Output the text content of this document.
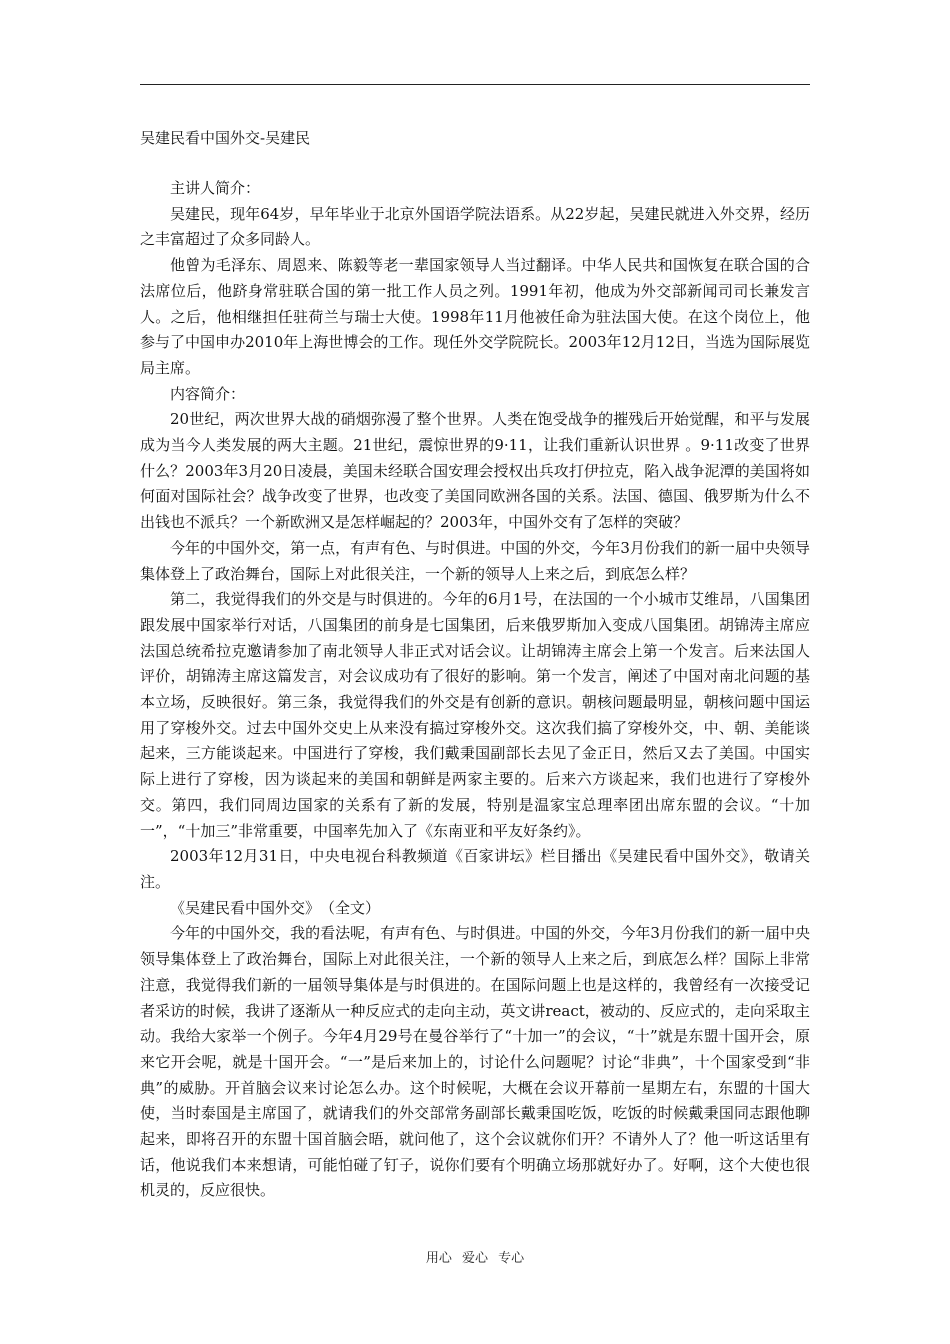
吴建民看中国外交-吴建民

主讲人简介：

吴建民，现年64岁，早年毕业于北京外国语学院法语系。从22岁起，吴建民就进入外交界，经历之丰富超过了众多同龄人。

他曾为毛泽东、周恩来、陈毅等老一辈国家领导人当过翻译。中华人民共和国恢复在联合国的合法席位后，他跻身常驻联合国的第一批工作人员之列。1991年初，他成为外交部新闻司司长兼发言人。之后，他相继担任驻荷兰与瑞士大使。1998年11月他被任命为驻法国大使。在这个岗位上，他参与了中国申办2010年上海世博会的工作。现任外交学院院长。2003年12月12日，当选为国际展览局主席。

内容简介：

20世纪，两次世界大战的硝烟弥漫了整个世界。人类在饱受战争的摧残后开始觉醒，和平与发展成为当今人类发展的两大主题。21世纪，震惊世界的9·11，让我们重新认识世界 。9·11改变了世界什么？2003年3月20日凌晨，美国未经联合国安理会授权出兵攻打伊拉克，陷入战争泥潭的美国将如何面对国际社会？战争改变了世界，也改变了美国同欧洲各国的关系。法国、德国、俄罗斯为什么不出钱也不派兵？一个新欧洲又是怎样崛起的？2003年，中国外交有了怎样的突破？

今年的中国外交，第一点，有声有色、与时俱进。中国的外交，今年3月份我们的新一届中央领导集体登上了政治舞台，国际上对此很关注，一个新的领导人上来之后，到底怎么样？

第二，我觉得我们的外交是与时俱进的。今年的6月1号，在法国的一个小城市艾维昂，八国集团跟发展中国家举行对话，八国集团的前身是七国集团，后来俄罗斯加入变成八国集团。胡锦涛主席应法国总统希拉克邀请参加了南北领导人非正式对话会议。让胡锦涛主席会上第一个发言。后来法国人评价，胡锦涛主席这篇发言，对会议成功有了很好的影响。第一个发言，阐述了中国对南北问题的基本立场，反映很好。第三条，我觉得我们的外交是有创新的意识。朝核问题最明显，朝核问题中国运用了穿梭外交。过去中国外交史上从来没有搞过穿梭外交。这次我们搞了穿梭外交，中、朝、美能谈起来，三方能谈起来。中国进行了穿梭，我们戴秉国副部长去见了金正日，然后又去了美国。中国实际上进行了穿梭，因为谈起来的美国和朝鲜是两家主要的。后来六方谈起来，我们也进行了穿梭外交。第四，我们同周边国家的关系有了新的发展，特别是温家宝总理率团出席东盟的会议。“十加一”，“十加三”非常重要，中国率先加入了《东南亚和平友好条约》。

2003年12月31日，中央电视台科教频道《百家讲坛》栏目播出《吴建民看中国外交》，敬请关注。

《吴建民看中国外交》　（全文）

今年的中国外交，我的看法呢，有声有色、与时俱进。中国的外交，今年3月份我们的新一届中央领导集体登上了政治舞台，国际上对此很关注，一个新的领导人上来之后，到底怎么样？国际上非常注意，我觉得我们新的一届领导集体是与时俱进的。在国际问题上也是这样的，我曾经有一次接受记者采访的时候，我讲了逐渐从一种反应式的走向主动，英文讲react，被动的、反应式的，走向采取主动。我给大家举一个例子。今年4月29号在曼谷举行了“十加一”的会议，“十”就是东盟十国开会，原来它开会呢，就是十国开会。“一”是后来加上的，讨论什么问题呢？讨论“非典”，十个国家受到“非典”的威胁。开首脑会议来讨论怎么办。这个时候呢，大概在会议开幕前一星期左右，东盟的十国大使，当时泰国是主席国了，就请我们的外交部常务副部长戴秉国吃饭，吃饭的时候戴秉国同志跟他聊起来，即将召开的东盟十国首脑会晤，就问他了，这个会议就你们开？不请外人了？他一听这话里有话，他说我们本来想请，可能怕碰了钉子，说你们要有个明确立场那就好办了。好啊，这个大使也很机灵的，反应很快。

用心 爱心 专心
